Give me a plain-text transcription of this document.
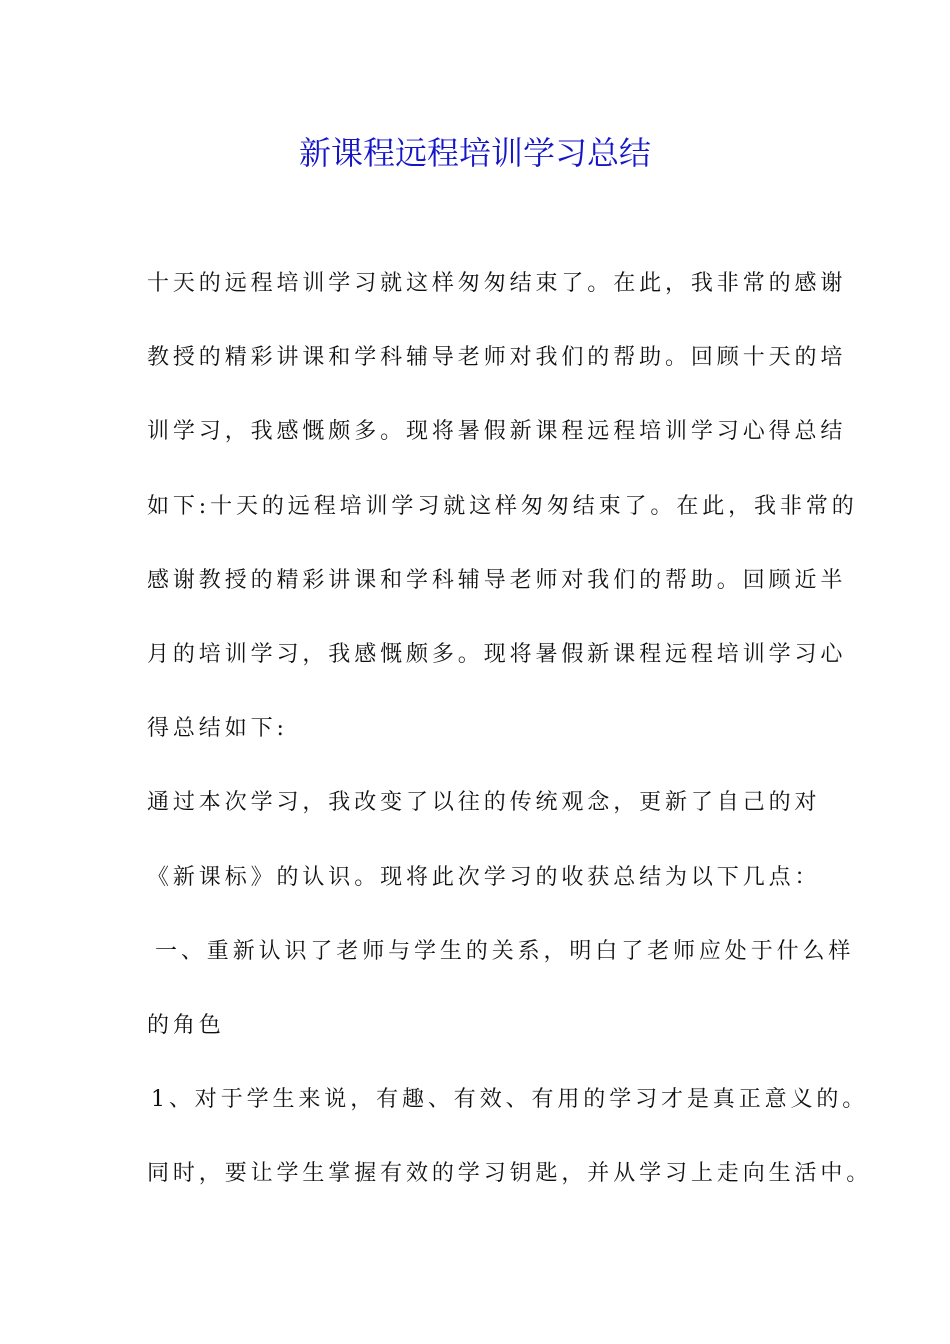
新课程远程培训学习总结
十天的远程培训学习就这样匆匆结束了。在此，我非常的感谢
教授的精彩讲课和学科辅导老师对我们的帮助。回顾十天的培
训学习，我感慨颇多。现将暑假新课程远程培训学习心得总结
如下:十天的远程培训学习就这样匆匆结束了。在此，我非常的
感谢教授的精彩讲课和学科辅导老师对我们的帮助。回顾近半
月的培训学习，我感慨颇多。现将暑假新课程远程培训学习心
得总结如下:
通过本次学习，我改变了以往的传统观念，更新了自己的对
《新课标》的认识。现将此次学习的收获总结为以下几点：
一、重新认识了老师与学生的关系，明白了老师应处于什么样
的角色
1、对于学生来说，有趣、有效、有用的学习才是真正意义的。
同时，要让学生掌握有效的学习钥匙，并从学习上走向生活中。
